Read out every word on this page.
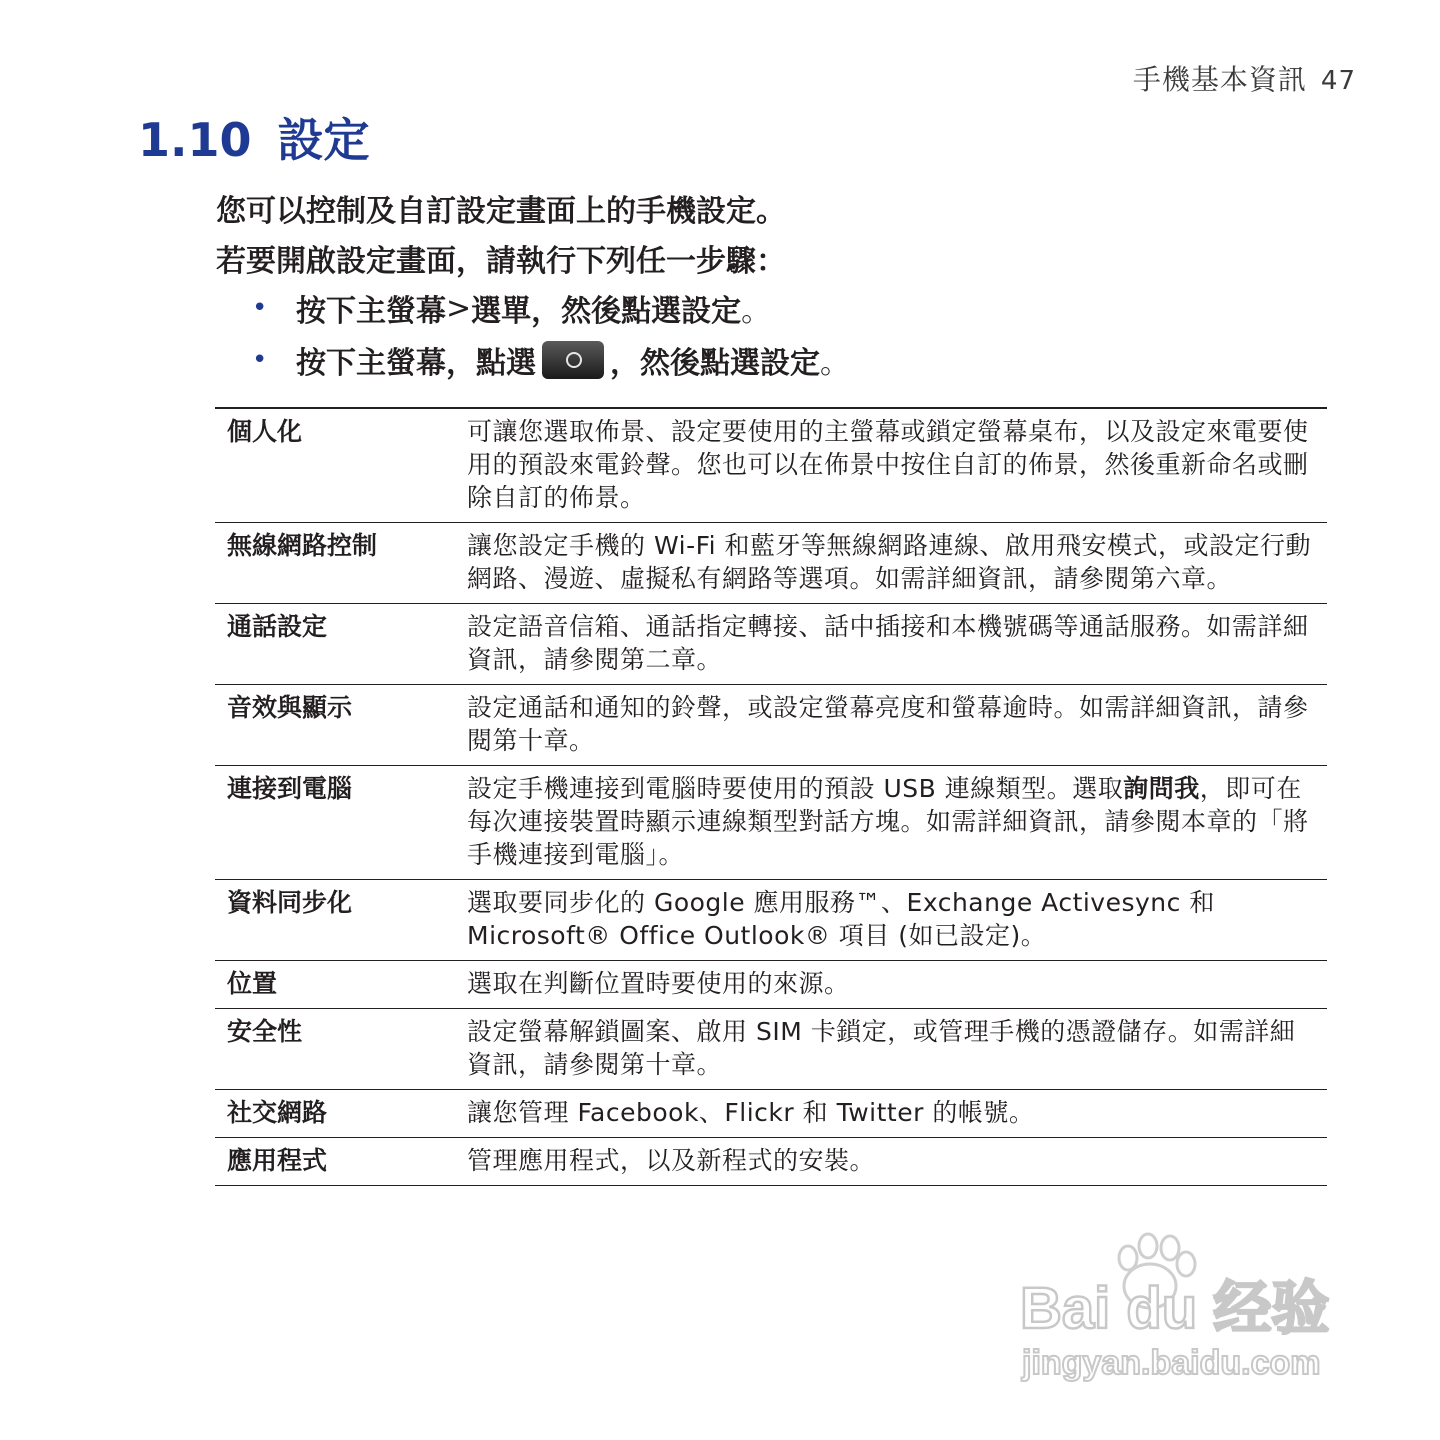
手機基本資訊 47
1.10 設定
您可以控制及自訂設定畫面上的手機設定。
若要開啟設定畫面，請執行下列任一步驟：
• 按下主螢幕 > 選單 ，然後點選 設定 。
• 按下主螢幕 ，點選 ，然後點選 設定 。
個人化	可讓您選取佈景、設定要使用的主螢幕或鎖定螢幕桌布，以及設定來電要使用的預設來電鈴聲。您也可以在佈景中按住自訂的佈景，然後重新命名或刪除自訂的佈景。
無線網路控制	讓您設定手機的 Wi-Fi 和藍牙等無線網路連線、啟用飛安模式，或設定行動網路、漫遊、虛擬私有網路等選項。如需詳細資訊，請參閱第六章。
通話設定	設定語音信箱、通話指定轉接、話中插接和本機號碼等通話服務。如需詳細資訊，請參閱第二章。
音效與顯示	設定通話和通知的鈴聲，或設定螢幕亮度和螢幕逾時。如需詳細資訊，請參閱第十章。
連接到電腦	設定手機連接到電腦時要使用的預設 USB 連線類型。選取詢問我，即可在每次連接裝置時顯示連線類型對話方塊。如需詳細資訊，請參閱本章的「將手機連接到電腦」。
資料同步化	選取要同步化的 Google 應用服務™、Exchange Activesync 和 Microsoft® Office Outlook® 項目 (如已設定)。
位置	選取在判斷位置時要使用的來源。
安全性	設定螢幕解鎖圖案、啟用 SIM 卡鎖定，或管理手機的憑證儲存。如需詳細資訊，請參閱第十章。
社交網路	讓您管理 Facebook、Flickr 和 Twitter 的帳號。
應用程式	管理應用程式，以及新程式的安裝。
Bai du 经验
jingyan.baidu.com
